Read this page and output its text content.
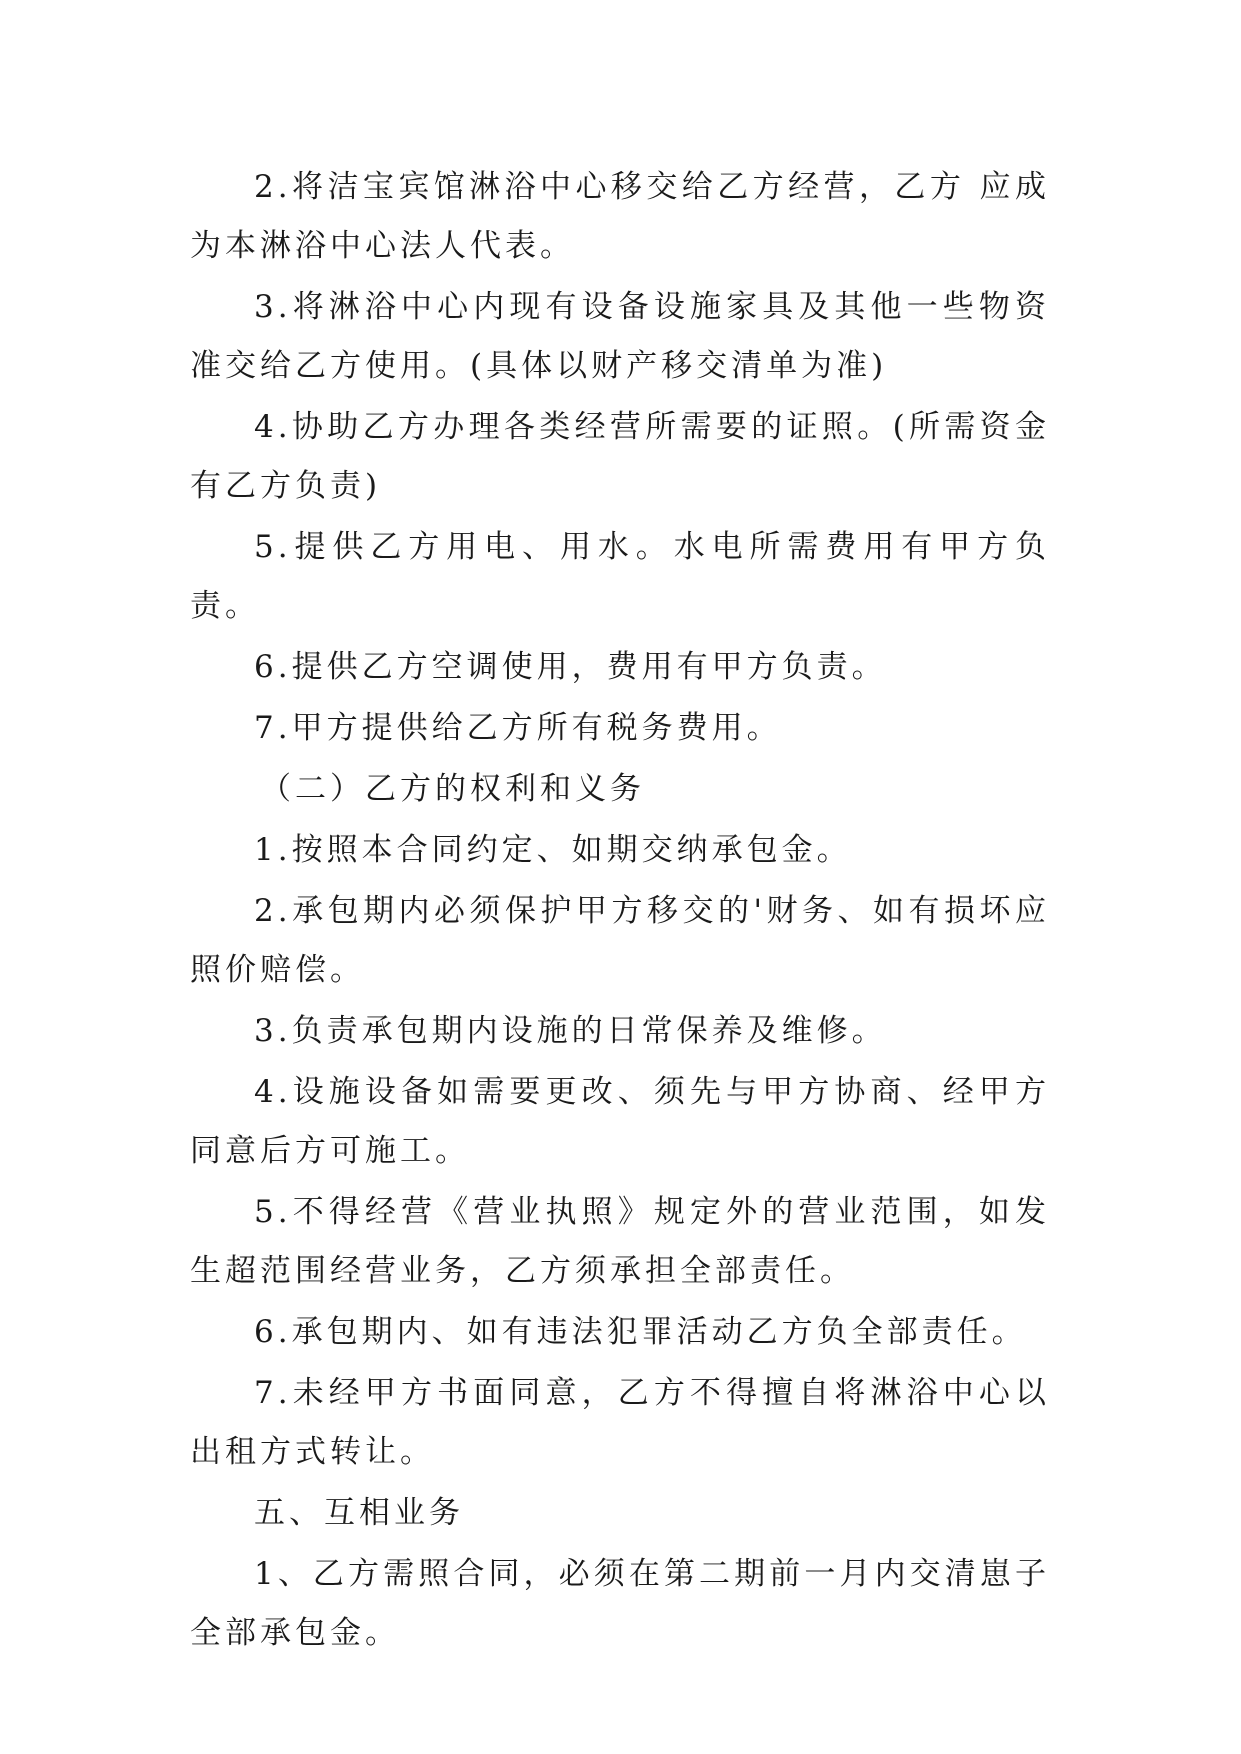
2.将洁宝宾馆淋浴中心移交给乙方经营，乙方 应成为本淋浴中心法人代表。

3.将淋浴中心内现有设备设施家具及其他一些物资准交给乙方使用。(具体以财产移交清单为准)

4.协助乙方办理各类经营所需要的证照。(所需资金有乙方负责)

5.提供乙方用电、用水。水电所需费用有甲方负责。

6.提供乙方空调使用，费用有甲方负责。

7.甲方提供给乙方所有税务费用。

（二）乙方的权利和义务

1.按照本合同约定、如期交纳承包金。

2.承包期内必须保护甲方移交的'财务、如有损坏应照价赔偿。

3.负责承包期内设施的日常保养及维修。

4.设施设备如需要更改、须先与甲方协商、经甲方同意后方可施工。

5.不得经营《营业执照》规定外的营业范围，如发生超范围经营业务，乙方须承担全部责任。

6.承包期内、如有违法犯罪活动乙方负全部责任。

7.未经甲方书面同意，乙方不得擅自将淋浴中心以出租方式转让。

五、互相业务

1、乙方需照合同，必须在第二期前一月内交清崽子全部承包金。
